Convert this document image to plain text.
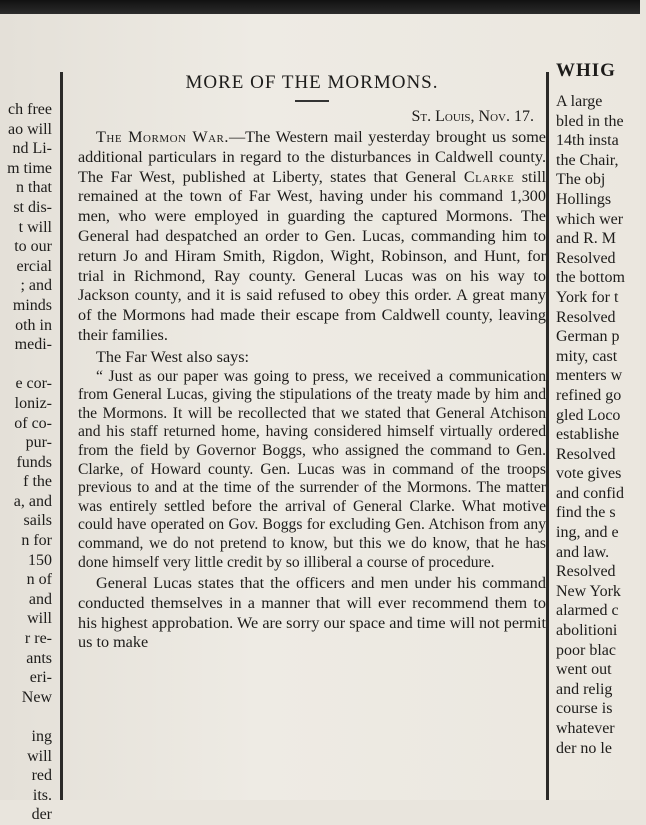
ch free
ao will
nd Li-
m time
n that
st dis-
t will
to our
ercial
; and
minds
oth in
medi-

e cor-
loniz-
of co-
pur-
funds
f the
a, and
sails
n for
150
n of
and
will
r re-
ants
eri-
New

ing
will
red
its.
der
WHIG
A large
bled in the
14th insta
the Chair,
The obj
Hollings
which wer
and R. M
Resolved
the bottom
York for t
Resolved
German p
mity, cast
menters w
refined go
gled Loco
establishe
Resolved
vote gives
and confid
find the s
ing, and e
and law.
Resolved
New York
alarmed c
abolitioni
poor blac
went out
and relig
course is
whatever
der no le
MORE OF THE MORMONS.
St. Louis, Nov. 17.

The Mormon War.—The Western mail yesterday brought us some additional particulars in regard to the disturbances in Caldwell county. The Far West, published at Liberty, states that General Clarke still remained at the town of Far West, having under his command 1,300 men, who were employed in guarding the captured Mormons. The General had despatched an order to Gen. Lucas, commanding him to return Jo and Hiram Smith, Rigdon, Wight, Robinson, and Hunt, for trial in Richmond, Ray county. General Lucas was on his way to Jackson county, and it is said refused to obey this order. A great many of the Mormons had made their escape from Caldwell county, leaving their families.

The Far West also says:

“ Just as our paper was going to press, we received a communication from General Lucas, giving the stipulations of the treaty made by him and the Mormons. It will be recollected that we stated that General Atchison and his staff returned home, having considered himself virtually ordered from the field by Governor Boggs, who assigned the command to Gen. Clarke, of Howard county. Gen. Lucas was in command of the troops previous to and at the time of the surrender of the Mormons. The matter was entirely settled before the arrival of General Clarke. What motive could have operated on Gov. Boggs for excluding Gen. Atchison from any command, we do not pretend to know, but this we do know, that he has done himself very little credit by so illiberal a course of procedure.

General Lucas states that the officers and men under his command conducted themselves in a manner that will ever recommend them to his highest approbation. We are sorry our space and time will not permit us to make
